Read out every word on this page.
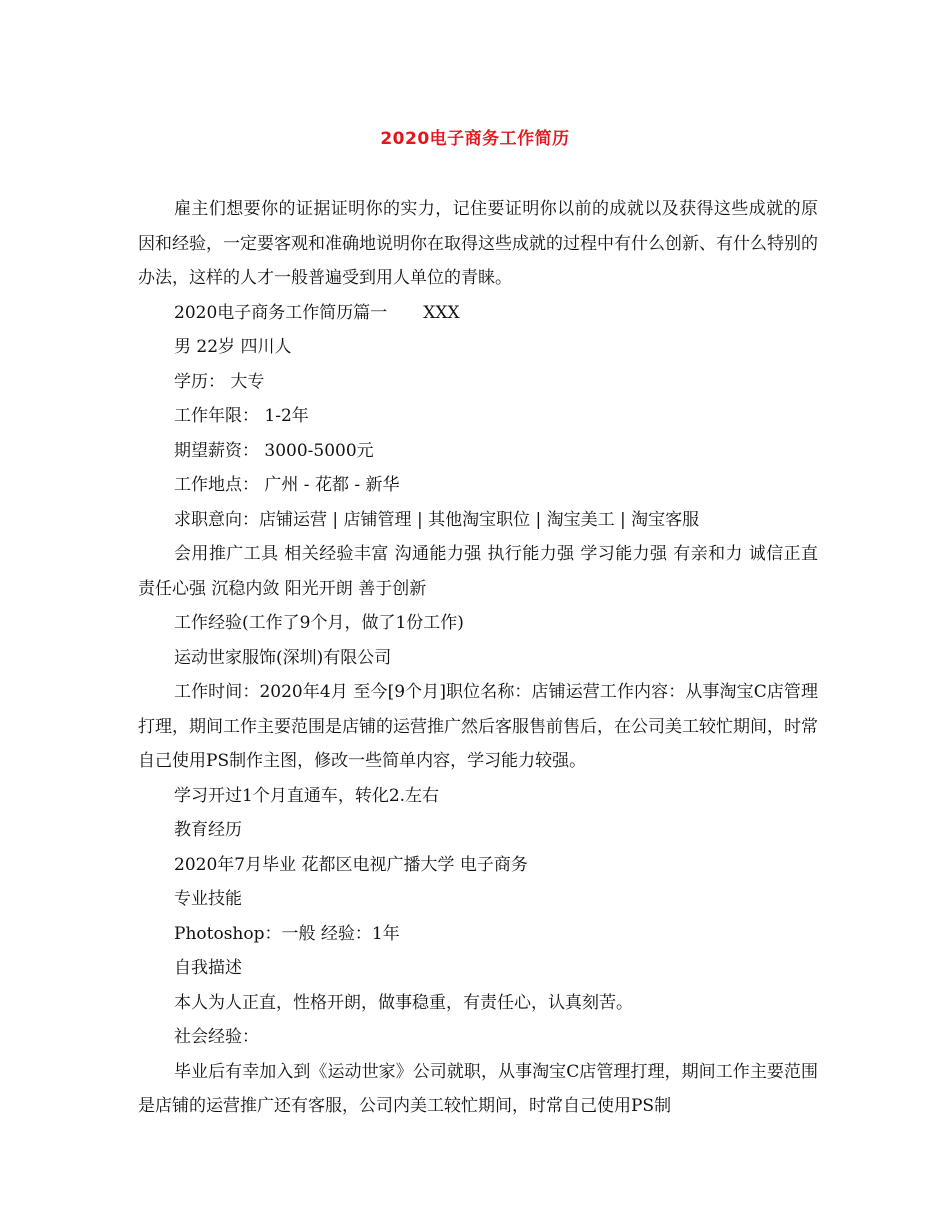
2020电子商务工作简历

雇主们想要你的证据证明你的实力，记住要证明你以前的成就以及获得这些成就的原因和经验，一定要客观和准确地说明你在取得这些成就的过程中有什么创新、有什么特别的办法，这样的人才一般普遍受到用人单位的青睐。

2020电子商务工作简历篇一 XXX

男 22岁 四川人

学历： 大专

工作年限： 1-2年

期望薪资： 3000-5000元

工作地点： 广州 - 花都 - 新华

求职意向：店铺运营 | 店铺管理 | 其他淘宝职位 | 淘宝美工 | 淘宝客服

会用推广工具 相关经验丰富 沟通能力强 执行能力强 学习能力强 有亲和力 诚信正直 责任心强 沉稳内敛 阳光开朗 善于创新

工作经验(工作了9个月，做了1份工作)

运动世家服饰(深圳)有限公司

工作时间：2020年4月 至今[9个月]职位名称：店铺运营工作内容：从事淘宝C店管理打理，期间工作主要范围是店铺的运营推广然后客服售前售后，在公司美工较忙期间，时常自己使用PS制作主图，修改一些简单内容，学习能力较强。

学习开过1个月直通车，转化2.左右

教育经历

2020年7月毕业 花都区电视广播大学 电子商务

专业技能

Photoshop：一般 经验：1年

自我描述

本人为人正直，性格开朗，做事稳重，有责任心，认真刻苦。

社会经验：

毕业后有幸加入到《运动世家》公司就职，从事淘宝C店管理打理，期间工作主要范围是店铺的运营推广还有客服，公司内美工较忙期间，时常自己使用PS制
